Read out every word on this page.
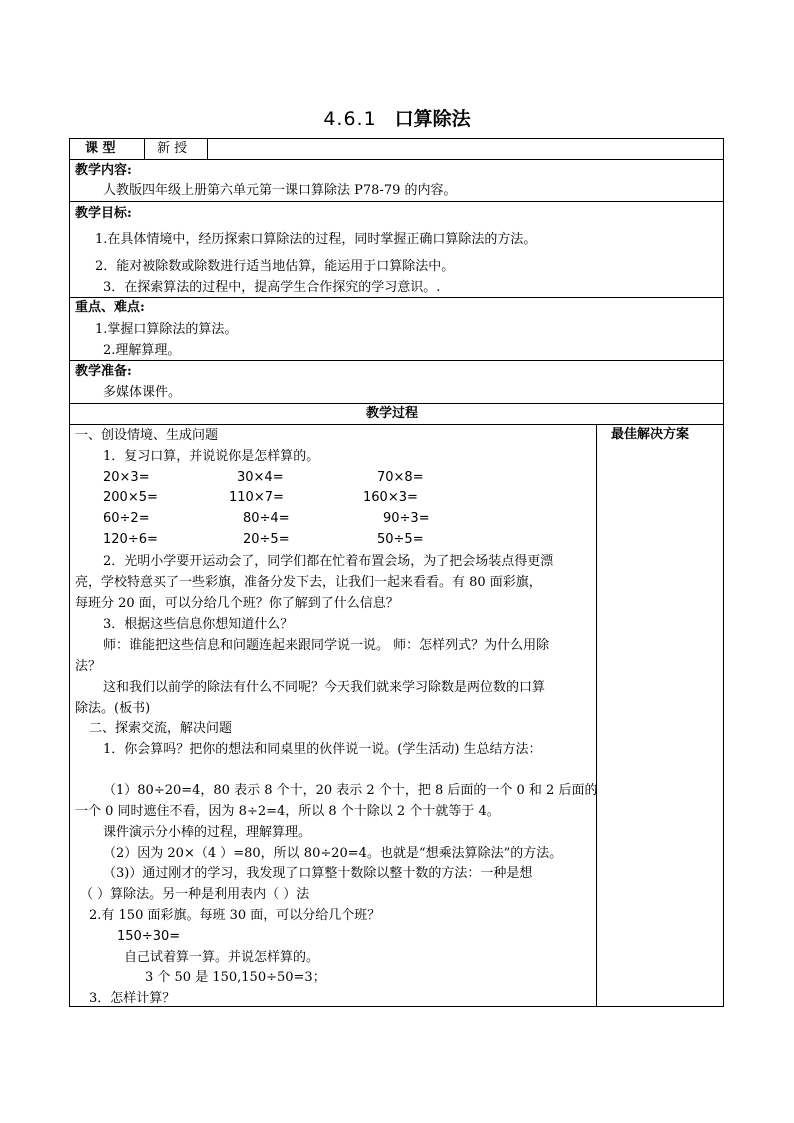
4.6.1 口算除法
课 型	新 授
教学内容:
人教版四年级上册第六单元第一课口算除法 P78-79 的内容。
教学目标:
1.在具体情境中，经历探索口算除法的过程，同时掌握正确口算除法的方法。
2．能对被除数或除数进行适当地估算，能运用于口算除法中。
3．在探索算法的过程中，提高学生合作探究的学习意识。.
重点、难点:
1.掌握口算除法的算法。
2.理解算理。
教学准备:
多媒体课件。
教学过程
最佳解决方案
一、创设情境、生成问题
1．复习口算，并说说你是怎样算的。
20×3=	30×4=	70×8=
200×5=	110×7=	160×3=
60÷2=	80÷4=	90÷3=
120÷6=	20÷5=	50÷5=
2．光明小学要开运动会了，同学们都在忙着布置会场，为了把会场装点得更漂
亮，学校特意买了一些彩旗，准备分发下去，让我们一起来看看。有 80 面彩旗，
每班分 20 面，可以分给几个班？你了解到了什么信息？
3．根据这些信息你想知道什么？
师：谁能把这些信息和问题连起来跟同学说一说。 师：怎样列式？为什么用除
法？
这和我们以前学的除法有什么不同呢？今天我们就来学习除数是两位数的口算
除法。(板书)
二、探索交流，解决问题
1．你会算吗？把你的想法和同桌里的伙伴说一说。(学生活动) 生总结方法：
（1）80÷20=4，80 表示 8 个十，20 表示 2 个十，把 8 后面的一个 0 和 2 后面的
一个 0 同时遮住不看，因为 8÷2=4，所以 8 个十除以 2 个十就等于 4。
课件演示分小棒的过程，理解算理。
（2）因为 20×（4 ）=80，所以 80÷20=4。也就是“想乘法算除法”的方法。
（3)）通过刚才的学习，我发现了口算整十数除以整十数的方法：一种是想
（ ）算除法。另一种是利用表内（ ）法
2.有 150 面彩旗。每班 30 面，可以分给几个班？
150÷30=
自己试着算一算。并说怎样算的。
3 个 50 是 150,150÷50=3；
3．怎样计算？
